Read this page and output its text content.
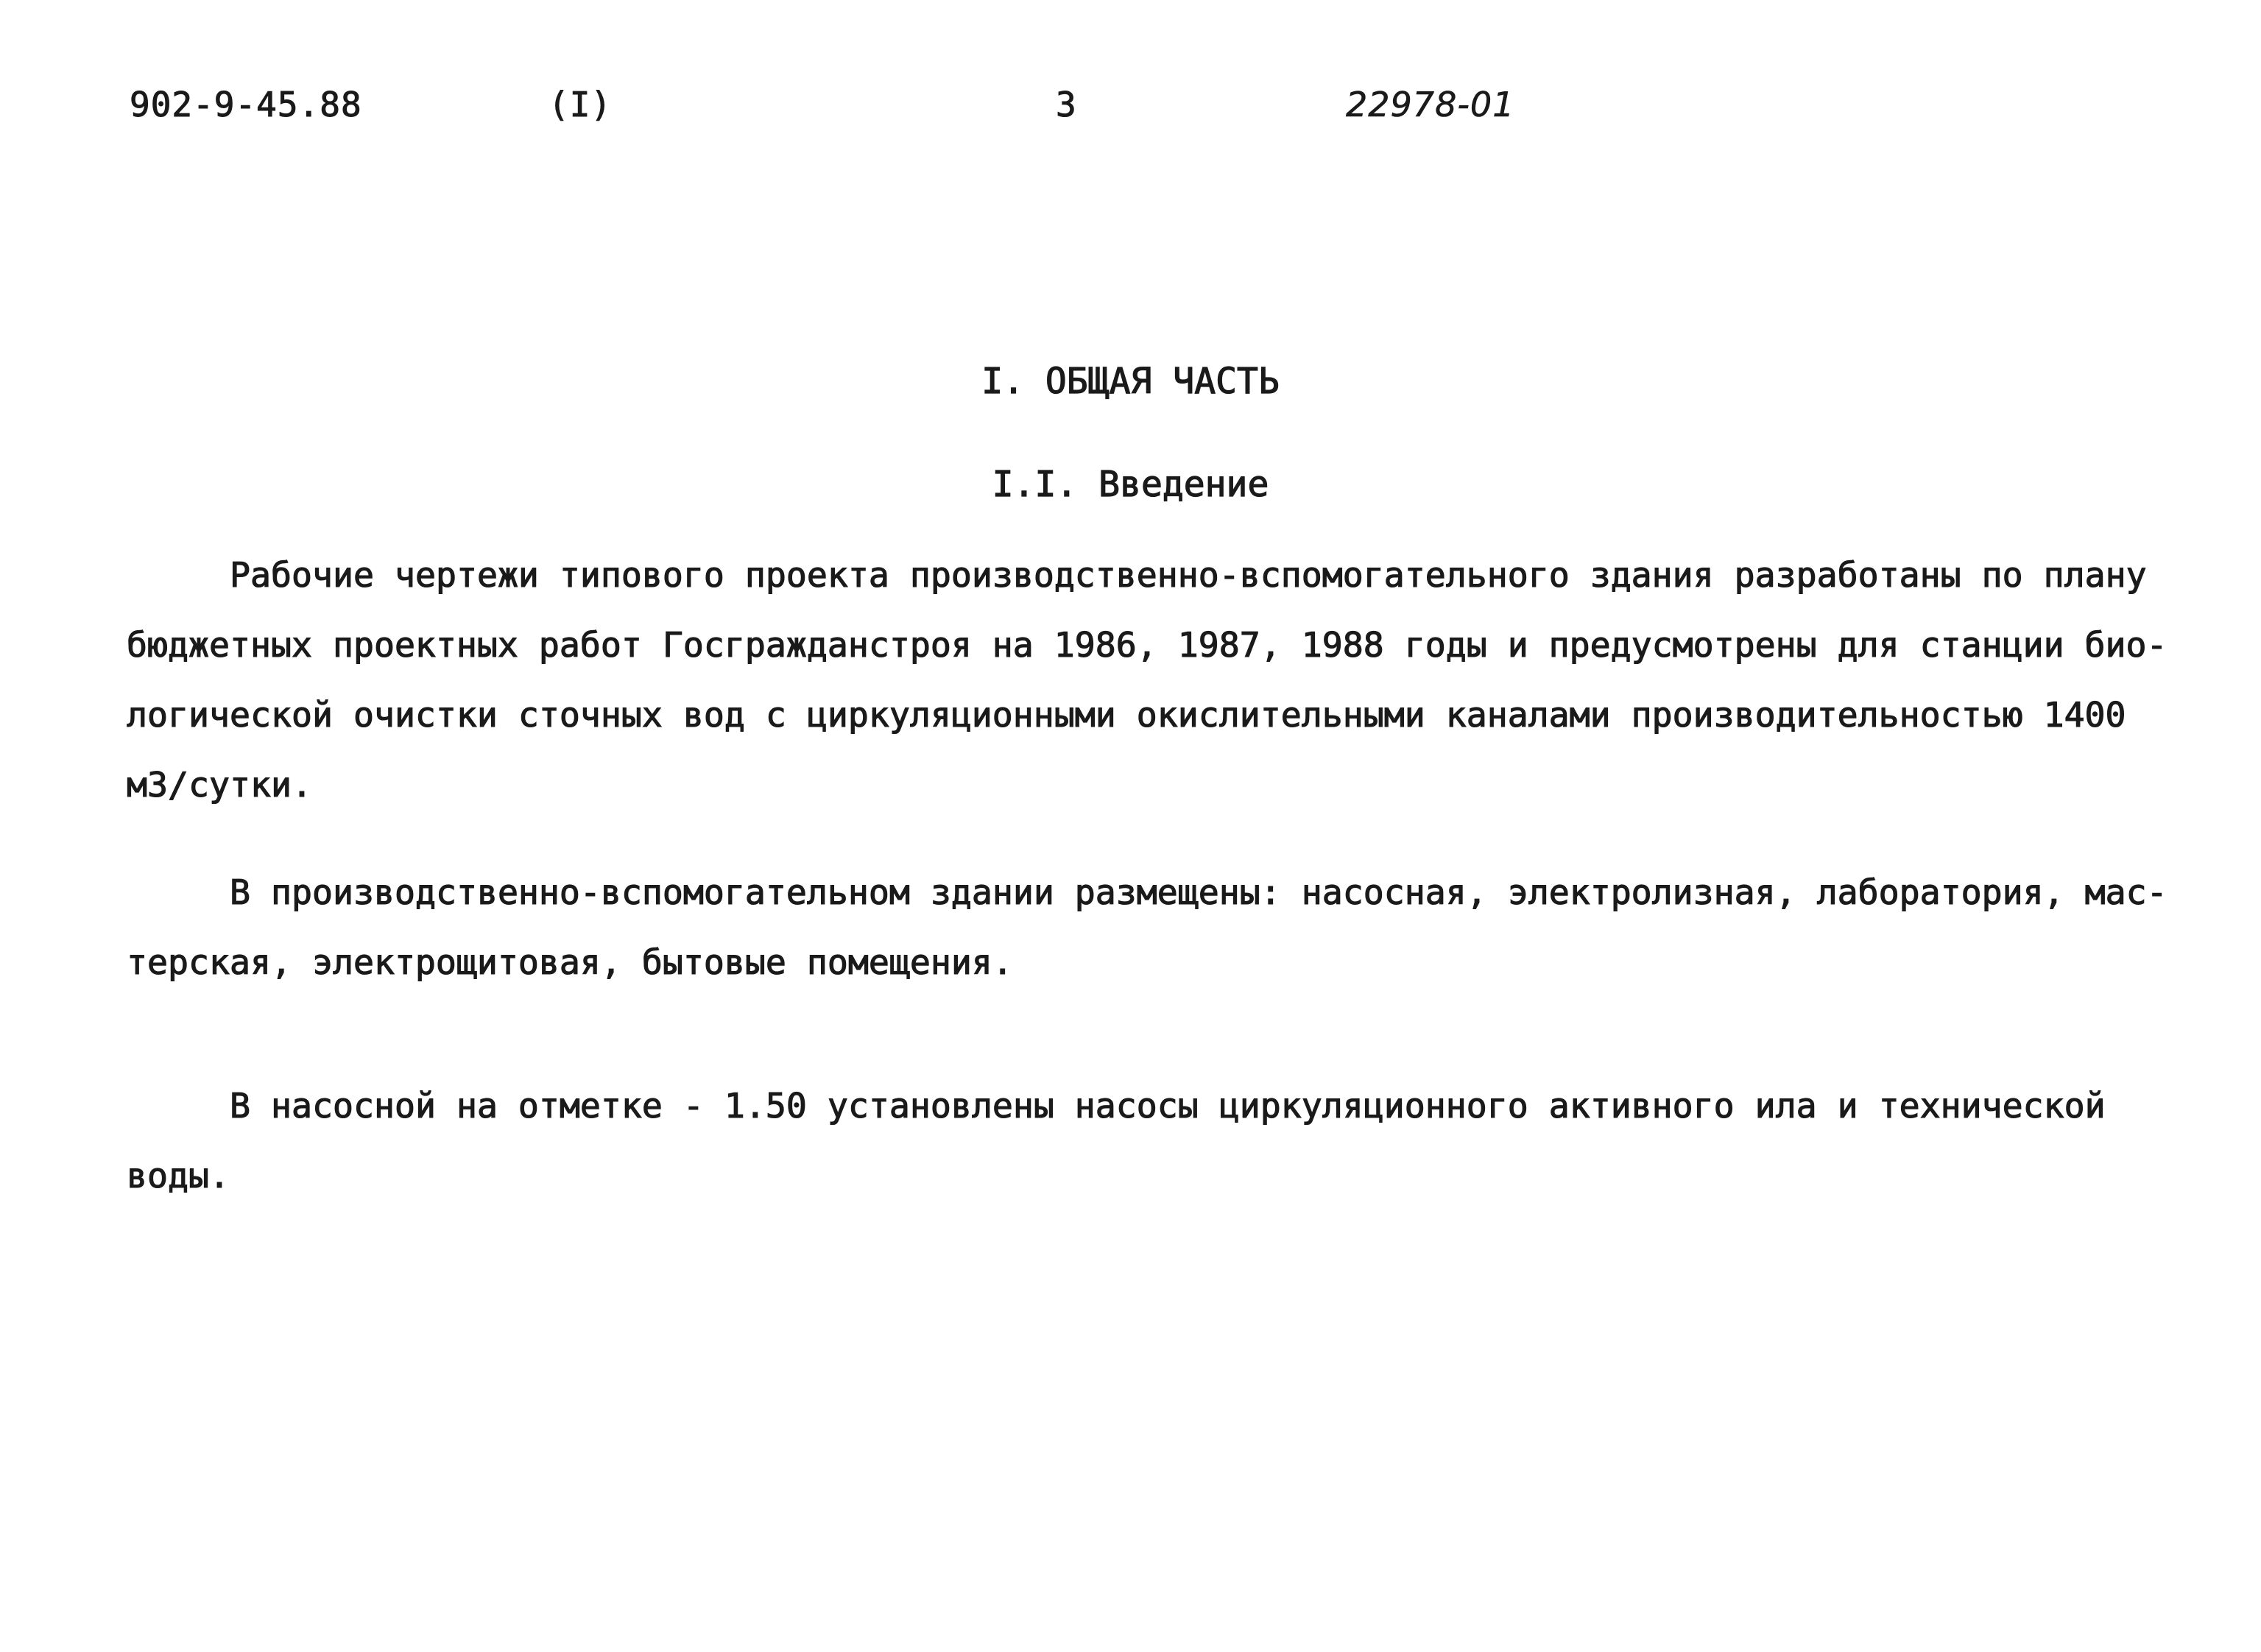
902-9-45.88	(I)	3	22978-01
I. ОБЩАЯ ЧАСТЬ
I.I. Введение
Рабочие чертежи типового проекта производственно-вспомогательного здания разработаны по плану
бюджетных проектных работ Госгражданстроя на 1986, 1987, 1988 годы и предусмотрены для станции био-
логической очистки сточных вод с циркуляционными окислительными каналами производительностью 1400
м3/сутки.
В производственно-вспомогательном здании размещены: насосная, электролизная, лаборатория, мас-
терская, электрощитовая, бытовые помещения.
В насосной на отметке - 1.50 установлены насосы циркуляционного активного ила и технической
воды.
